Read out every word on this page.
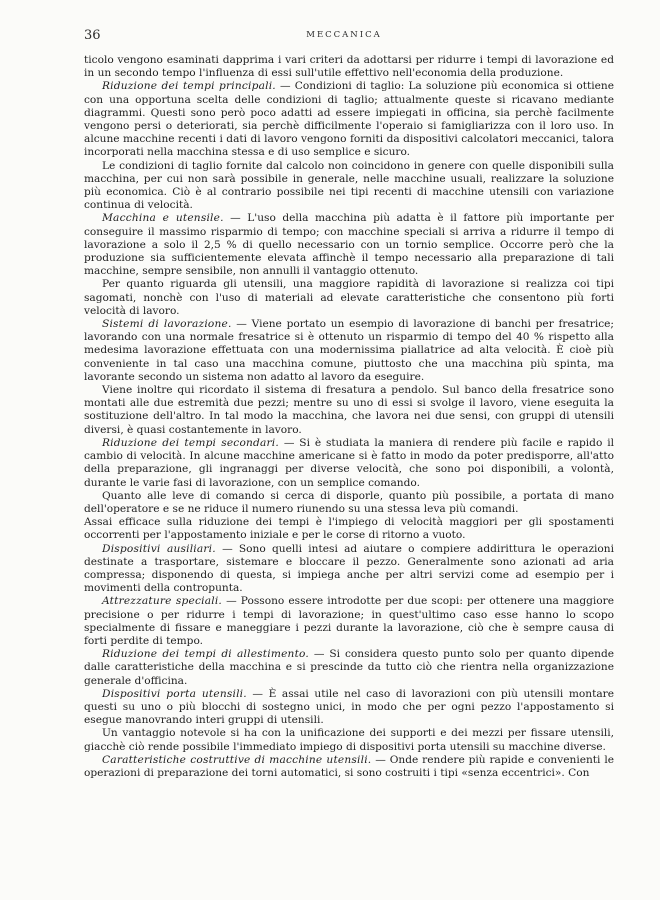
36	MECCANICA

ticolo vengono esaminati dapprima i vari criteri da adottarsi per ridurre i tempi di lavorazione ed in un secondo tempo l'influenza di essi sull'utile effettivo nell'economia della produzione.

Riduzione dei tempi principali. — Condizioni di taglio: La soluzione più economica si ottiene con una opportuna scelta delle condizioni di taglio; attualmente queste si ricavano mediante diagrammi. Questi sono però poco adatti ad essere impiegati in officina, sia perchè facilmente vengono persi o deteriorati, sia perchè difficilmente l'operaio si famigliarizza con il loro uso. In alcune macchine recenti i dati di lavoro vengono forniti da dispositivi calcolatori meccanici, talora incorporati nella macchina stessa e di uso semplice e sicuro.

Le condizioni di taglio fornite dal calcolo non coincidono in genere con quelle disponibili sulla macchina, per cui non sarà possibile in generale, nelle macchine usuali, realizzare la soluzione più economica. Ciò è al contrario possibile nei tipi recenti di macchine utensili con variazione continua di velocità.

Macchina e utensile. — L'uso della macchina più adatta è il fattore più importante per conseguire il massimo risparmio di tempo; con macchine speciali si arriva a ridurre il tempo di lavorazione a solo il 2,5 % di quello necessario con un tornio semplice. Occorre però che la produzione sia sufficientemente elevata affinchè il tempo necessario alla preparazione di tali macchine, sempre sensibile, non annulli il vantaggio ottenuto.

Per quanto riguarda gli utensili, una maggiore rapidità di lavorazione si realizza coi tipi sagomati, nonchè con l'uso di materiali ad elevate caratteristiche che consentono più forti velocità di lavoro.

Sistemi di lavorazione. — Viene portato un esempio di lavorazione di banchi per fresatrice; lavorando con una normale fresatrice si è ottenuto un risparmio di tempo del 40 % rispetto alla medesima lavorazione effettuata con una modernissima piallatrice ad alta velocità. È cioè più conveniente in tal caso una macchina comune, piuttosto che una macchina più spinta, ma lavorante secondo un sistema non adatto al lavoro da eseguire.

Viene inoltre qui ricordato il sistema di fresatura a pendolo. Sul banco della fresatrice sono montati alle due estremità due pezzi; mentre su uno di essi si svolge il lavoro, viene eseguita la sostituzione dell'altro. In tal modo la macchina, che lavora nei due sensi, con gruppi di utensili diversi, è quasi costantemente in lavoro.

Riduzione dei tempi secondari. — Si è studiata la maniera di rendere più facile e rapido il cambio di velocità. In alcune macchine americane si è fatto in modo da poter predisporre, all'atto della preparazione, gli ingranaggi per diverse velocità, che sono poi disponibili, a volontà, durante le varie fasi di lavorazione, con un semplice comando.

Quanto alle leve di comando si cerca di disporle, quanto più possibile, a portata di mano dell'operatore e se ne riduce il numero riunendo su una stessa leva più comandi.

Assai efficace sulla riduzione dei tempi è l'impiego di velocità maggiori per gli spostamenti occorrenti per l'appostamento iniziale e per le corse di ritorno a vuoto.

Dispositivi ausiliari. — Sono quelli intesi ad aiutare o compiere addirittura le operazioni destinate a trasportare, sistemare e bloccare il pezzo. Generalmente sono azionati ad aria compressa; disponendo di questa, si impiega anche per altri servizi come ad esempio per i movimenti della contropunta.

Attrezzature speciali. — Possono essere introdotte per due scopi: per ottenere una maggiore precisione o per ridurre i tempi di lavorazione; in quest'ultimo caso esse hanno lo scopo specialmente di fissare e maneggiare i pezzi durante la lavorazione, ciò che è sempre causa di forti perdite di tempo.

Riduzione dei tempi di allestimento. — Si considera questo punto solo per quanto dipende dalle caratteristiche della macchina e si prescinde da tutto ciò che rientra nella organizzazione generale d'officina.

Dispositivi porta utensili. — È assai utile nel caso di lavorazioni con più utensili montare questi su uno o più blocchi di sostegno unici, in modo che per ogni pezzo l'appostamento si esegue manovrando interi gruppi di utensili.

Un vantaggio notevole si ha con la unificazione dei supporti e dei mezzi per fissare utensili, giacchè ciò rende possibile l'immediato impiego di dispositivi porta utensili su macchine diverse.

Caratteristiche costruttive di macchine utensili. — Onde rendere più rapide e convenienti le operazioni di preparazione dei torni automatici, si sono costruiti i tipi «senza eccentrici». Con
